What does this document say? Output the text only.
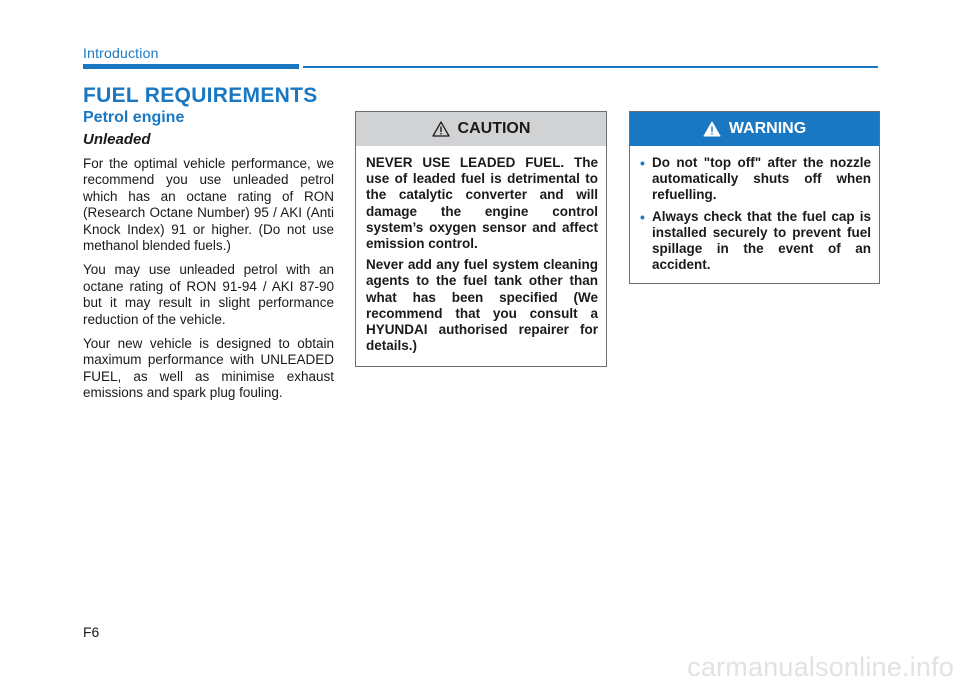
Introduction
FUEL REQUIREMENTS
Petrol engine
Unleaded

For the optimal vehicle performance, we recommend you use unleaded petrol which has an octane rating of RON (Research Octane Number) 95 / AKI (Anti Knock Index) 91 or higher. (Do not use methanol blended fuels.)

You may use unleaded petrol with an octane rating of RON 91-94 / AKI 87-90 but it may result in slight performance reduction of the vehicle.

Your new vehicle is designed to obtain maximum performance with UNLEADED FUEL, as well as minimise exhaust emissions and spark plug fouling.

CAUTION

NEVER USE LEADED FUEL. The use of leaded fuel is detrimental to the catalytic converter and will damage the engine control system’s oxygen sensor and affect emission control.

Never add any fuel system cleaning agents to the fuel tank other than what has been specified (We recommend that you consult a HYUNDAI authorised repairer for details.)

WARNING
• Do not "top off" after the nozzle automatically shuts off when refuelling.
• Always check that the fuel cap is installed securely to prevent fuel spillage in the event of an accident.
F6
carmanualsonline.info
